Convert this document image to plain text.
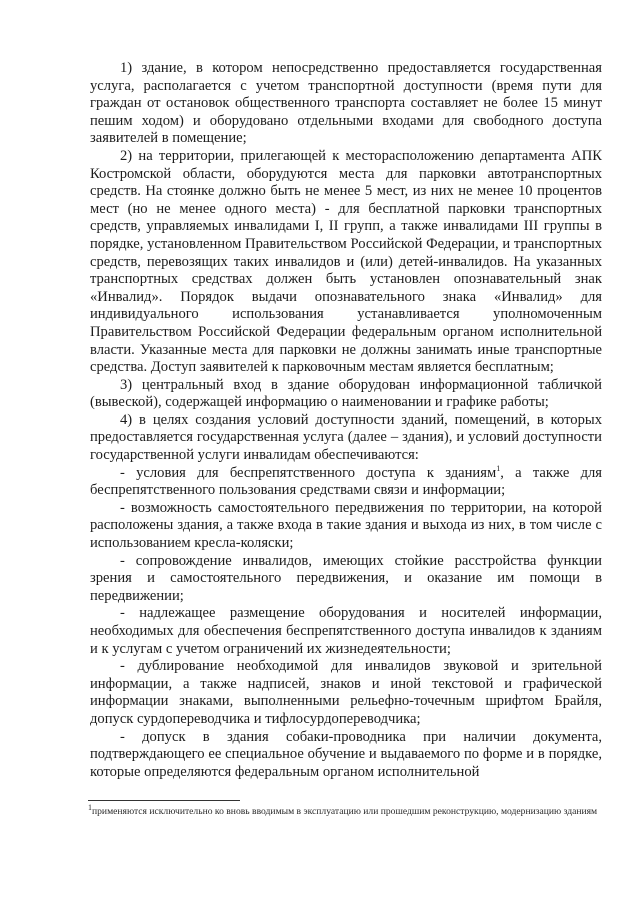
1) здание, в котором непосредственно предоставляется государственная услуга, располагается с учетом транспортной доступности (время пути для граждан от остановок общественного транспорта составляет не более 15 минут пешим ходом) и оборудовано отдельными входами для свободного доступа заявителей в помещение;

2) на территории, прилегающей к месторасположению департамента АПК Костромской области, оборудуются места для парковки автотранспортных средств. На стоянке должно быть не менее 5 мест, из них не менее 10 процентов мест (но не менее одного места) - для бесплатной парковки транспортных средств, управляемых инвалидами I, II групп, а также инвалидами III группы в порядке, установленном Правительством Российской Федерации, и транспортных средств, перевозящих таких инвалидов и (или) детей-инвалидов. На указанных транспортных средствах должен быть установлен опознавательный знак «Инвалид». Порядок выдачи опознавательного знака «Инвалид» для индивидуального использования устанавливается уполномоченным Правительством Российской Федерации федеральным органом исполнительной власти. Указанные места для парковки не должны занимать иные транспортные средства. Доступ заявителей к парковочным местам является бесплатным;

3) центральный вход в здание оборудован информационной табличкой (вывеской), содержащей информацию о наименовании и графике работы;

4) в целях создания условий доступности зданий, помещений, в которых предоставляется государственная услуга (далее – здания), и условий доступности государственной услуги инвалидам обеспечиваются:

- условия для беспрепятственного доступа к зданиям$^1$, а также для беспрепятственного пользования средствами связи и информации;

- возможность самостоятельного передвижения по территории, на которой расположены здания, а также входа в такие здания и выхода из них, в том числе с использованием кресла-коляски;

- сопровождение инвалидов, имеющих стойкие расстройства функции зрения и самостоятельного передвижения, и оказание им помощи в передвижении;

- надлежащее размещение оборудования и носителей информации, необходимых для обеспечения беспрепятственного доступа инвалидов к зданиям и к услугам с учетом ограничений их жизнедеятельности;

- дублирование необходимой для инвалидов звуковой и зрительной информации, а также надписей, знаков и иной текстовой и графической информации знаками, выполненными рельефно-точечным шрифтом Брайля, допуск сурдопереводчика и тифлосурдопереводчика;

- допуск в здания собаки-проводника при наличии документа, подтверждающего ее специальное обучение и выдаваемого по форме и в порядке, которые определяются федеральным органом исполнительной

$^1$применяются исключительно ко вновь вводимым в эксплуатацию или прошедшим реконструкцию, модернизацию зданиям
